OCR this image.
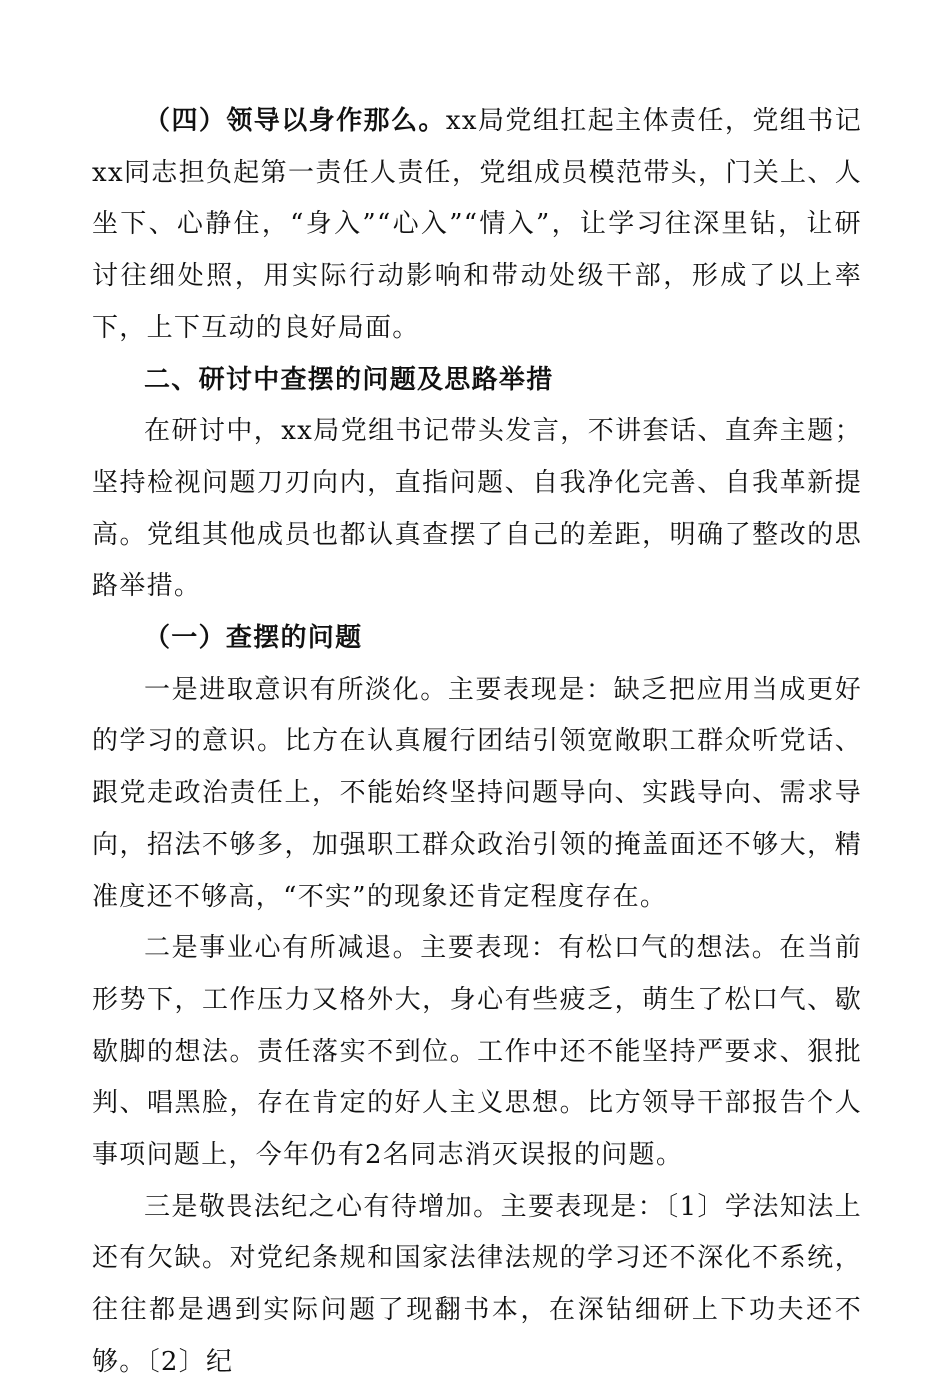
（四）领导以身作那么。xx局党组扛起主体责任，党组书记xx同志担负起第一责任人责任，党组成员模范带头，门关上、人坐下、心静住，“身入”“心入”“情入”，让学习往深里钻，让研讨往细处照，用实际行动影响和带动处级干部，形成了以上率下，上下互动的良好局面。

二、研讨中查摆的问题及思路举措

在研讨中，xx局党组书记带头发言，不讲套话、直奔主题；坚持检视问题刀刃向内，直指问题、自我净化完善、自我革新提高。党组其他成员也都认真查摆了自己的差距，明确了整改的思路举措。

（一）查摆的问题

一是进取意识有所淡化。主要表现是：缺乏把应用当成更好的学习的意识。比方在认真履行团结引领宽敞职工群众听党话、跟党走政治责任上，不能始终坚持问题导向、实践导向、需求导向，招法不够多，加强职工群众政治引领的掩盖面还不够大，精准度还不够高，“不实”的现象还肯定程度存在。

二是事业心有所减退。主要表现：有松口气的想法。在当前形势下，工作压力又格外大，身心有些疲乏，萌生了松口气、歇歇脚的想法。责任落实不到位。工作中还不能坚持严要求、狠批判、唱黑脸，存在肯定的好人主义思想。比方领导干部报告个人事项问题上，今年仍有2名同志消灭误报的问题。

三是敬畏法纪之心有待增加。主要表现是：〔1〕学法知法上还有欠缺。对党纪条规和国家法律法规的学习还不深化不系统，往往都是遇到实际问题了现翻书本，在深钻细研上下功夫还不够。〔2〕纪
